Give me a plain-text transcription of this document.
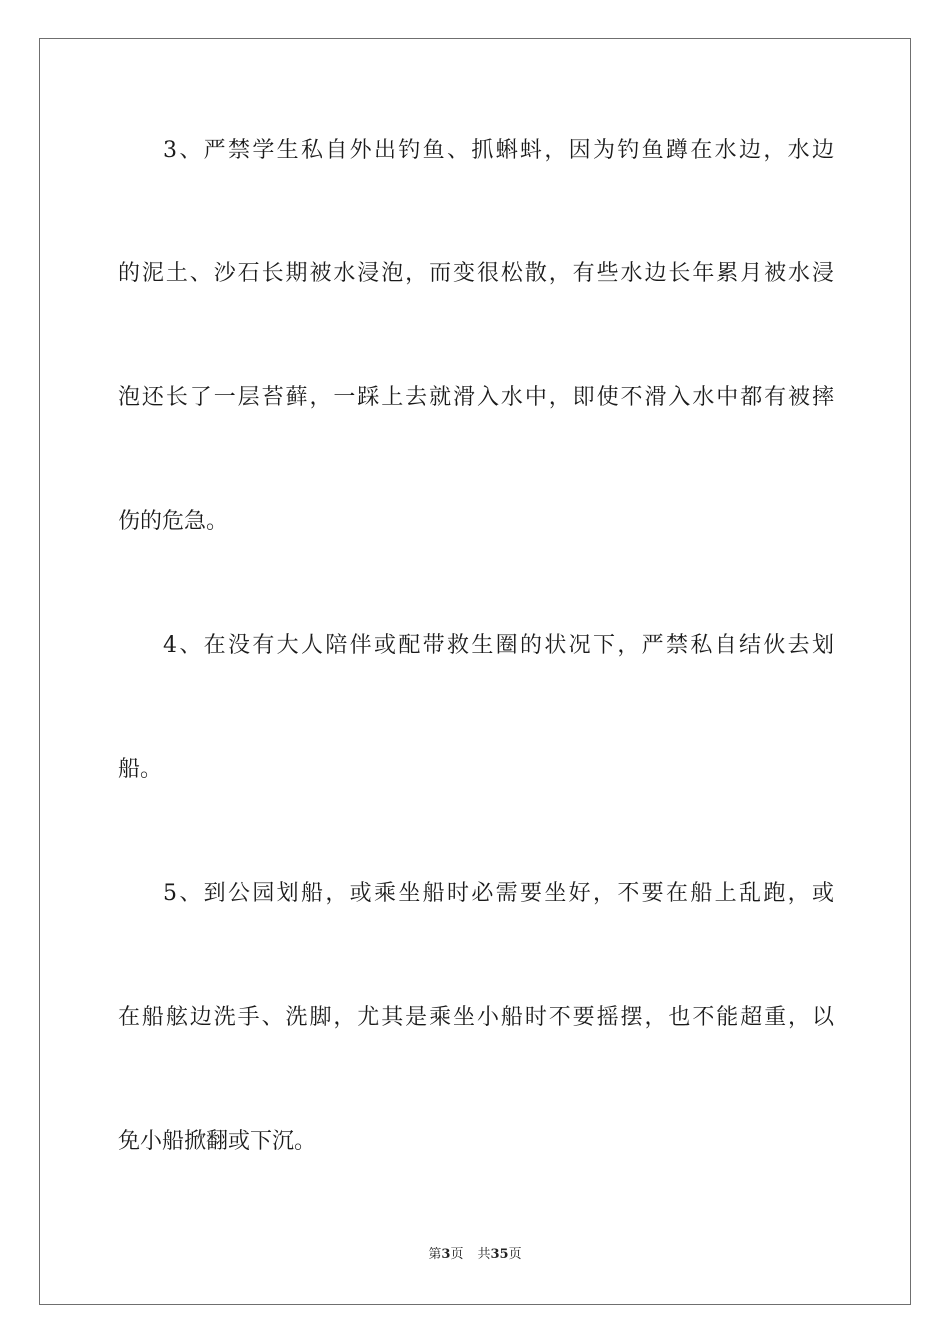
3、严禁学生私自外出钓鱼、抓蝌蚪，因为钓鱼蹲在水边，水边
的泥土、沙石长期被水浸泡，而变很松散，有些水边长年累月被水浸
泡还长了一层苔藓，一踩上去就滑入水中，即使不滑入水中都有被摔
伤的危急。
4、在没有大人陪伴或配带救生圈的状况下，严禁私自结伙去划
船。
5、到公园划船，或乘坐船时必需要坐好，不要在船上乱跑，或
在船舷边洗手、洗脚，尤其是乘坐小船时不要摇摆，也不能超重，以
免小船掀翻或下沉。
第3页 共35页
